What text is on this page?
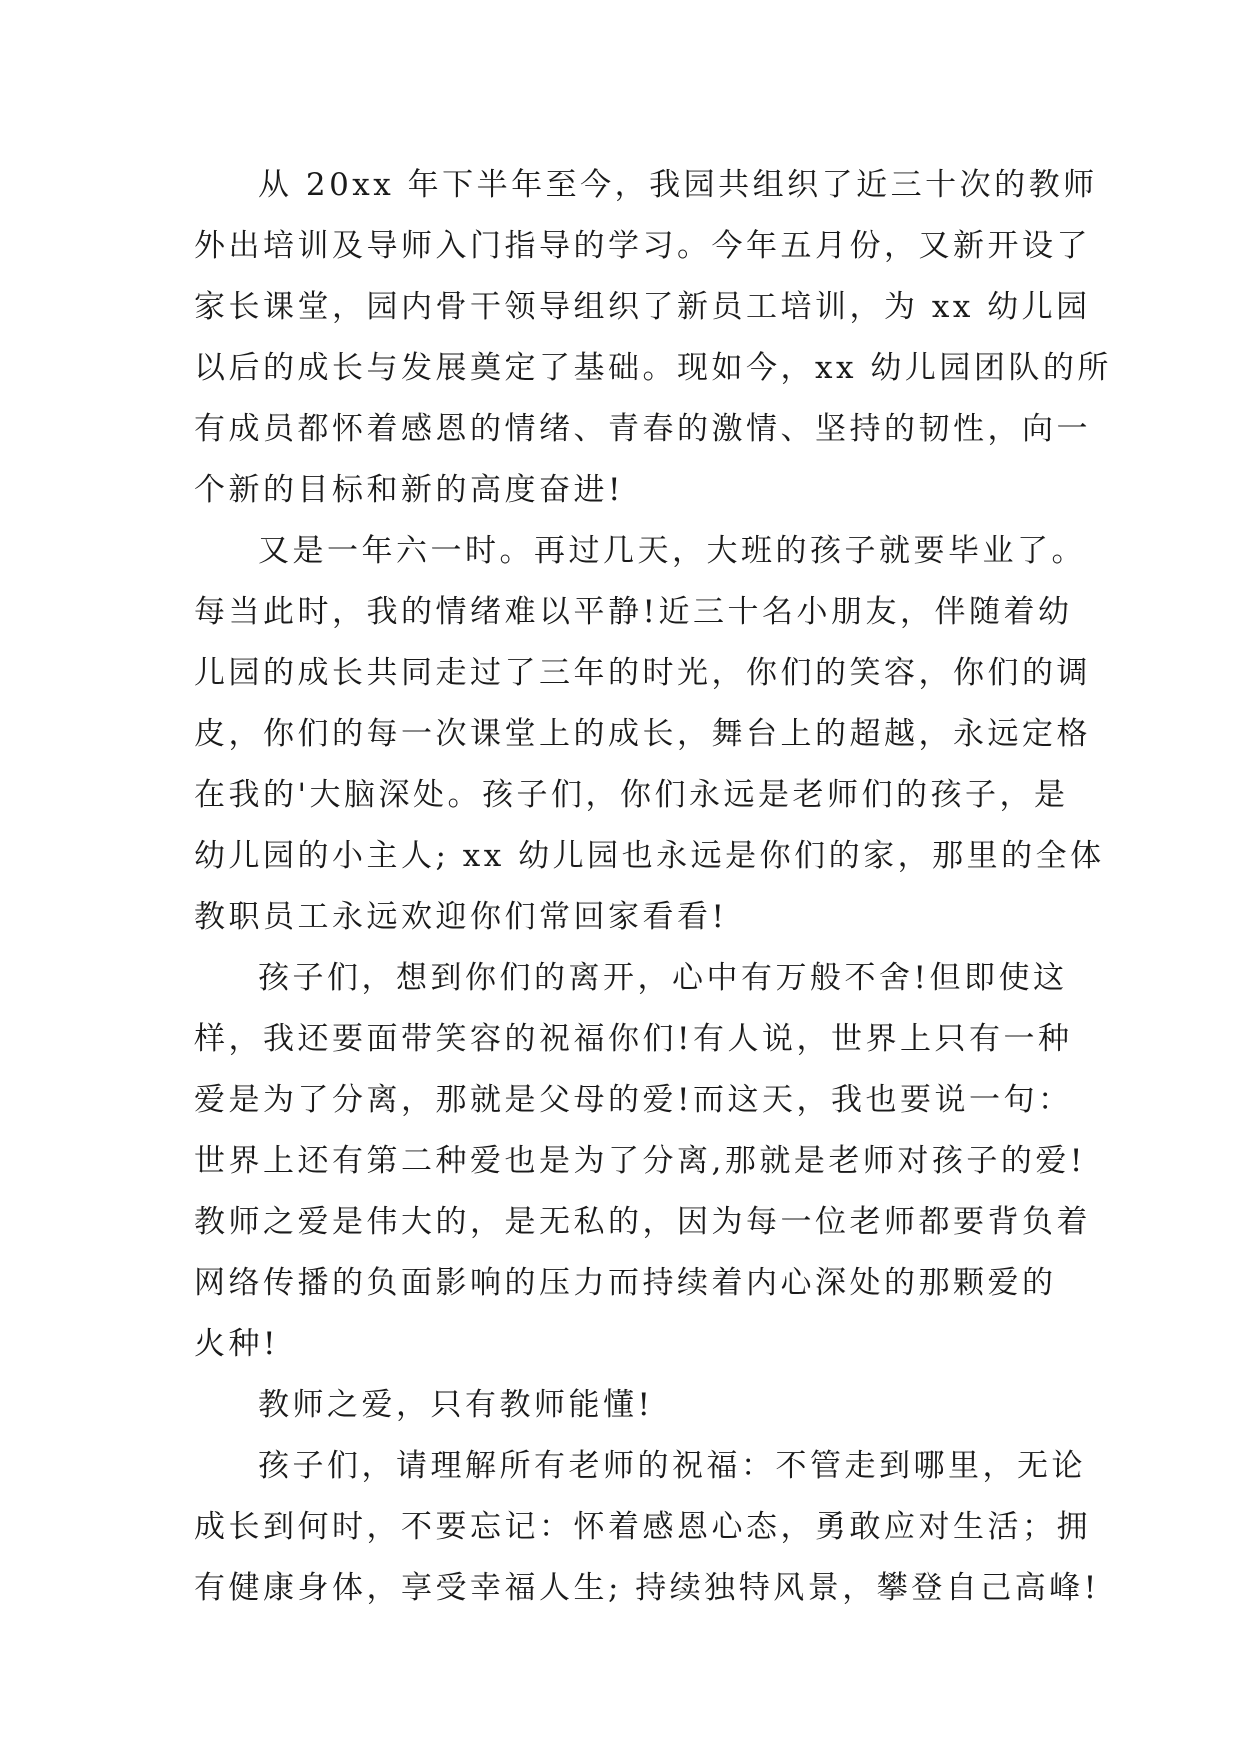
从 20xx 年下半年至今，我园共组织了近三十次的教师
外出培训及导师入门指导的学习。今年五月份，又新开设了
家长课堂，园内骨干领导组织了新员工培训，为 xx 幼儿园
以后的成长与发展奠定了基础。现如今，xx 幼儿园团队的所
有成员都怀着感恩的情绪、青春的激情、坚持的韧性，向一
个新的目标和新的高度奋进!
又是一年六一时。再过几天，大班的孩子就要毕业了。
每当此时，我的情绪难以平静!近三十名小朋友，伴随着幼
儿园的成长共同走过了三年的时光，你们的笑容，你们的调
皮，你们的每一次课堂上的成长，舞台上的超越，永远定格
在我的'大脑深处。孩子们，你们永远是老师们的孩子，是
幼儿园的小主人; xx 幼儿园也永远是你们的家，那里的全体
教职员工永远欢迎你们常回家看看!
孩子们，想到你们的离开，心中有万般不舍!但即使这
样，我还要面带笑容的祝福你们!有人说，世界上只有一种
爱是为了分离，那就是父母的爱!而这天，我也要说一句：
世界上还有第二种爱也是为了分离,那就是老师对孩子的爱!
教师之爱是伟大的，是无私的，因为每一位老师都要背负着
网络传播的负面影响的压力而持续着内心深处的那颗爱的
火种!
教师之爱，只有教师能懂!
孩子们，请理解所有老师的祝福：不管走到哪里，无论
成长到何时，不要忘记：怀着感恩心态，勇敢应对生活；拥
有健康身体，享受幸福人生; 持续独特风景，攀登自己高峰!
